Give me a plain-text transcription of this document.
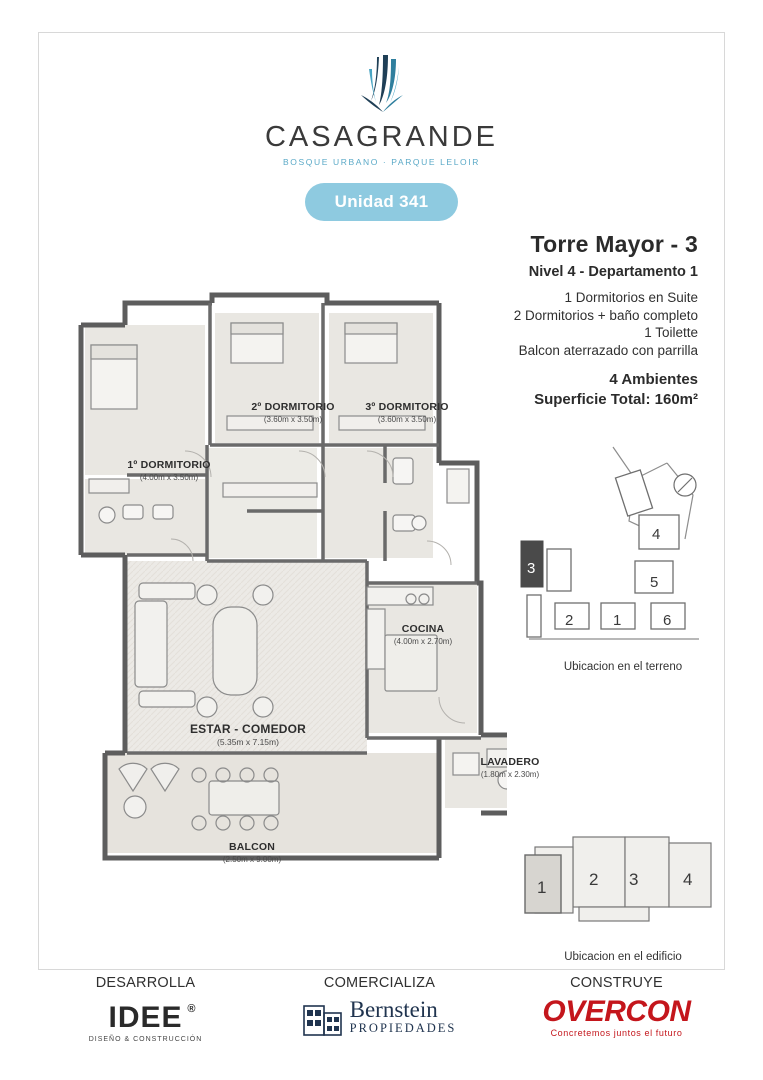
CASAGRANDE
BOSQUE URBANO · PARQUE LELOIR
Unidad 341
Torre Mayor - 3
Nivel 4 - Departamento 1
1 Dormitorios en Suite
2 Dormitorios + baño completo
1 Toilette
Balcon aterrazado con parrilla
4 Ambientes
Superficie Total: 160m²
1º DORMITORIO
(4.00m x 3.50m)
2º DORMITORIO
(3.60m x 3.50m)
3º DORMITORIO
(3.60m x 3.50m)
COCINA
(4.00m x 2.70m)
ESTAR - COMEDOR
(5.35m x 7.15m)
LAVADERO
(1.80m x 2.30m)
BALCON
(2.50m x 9.00m)
4
5
2	1	6
3
Ubicacion en el terreno
1	2 3	4
Ubicacion en el edificio
DESARROLLA
IDEE ®
DISEÑO & CONSTRUCCIÓN
COMERCIALIZA
Bernstein
PROPIEDADES
CONSTRUYE
OVERCON
Concretemos juntos el futuro
